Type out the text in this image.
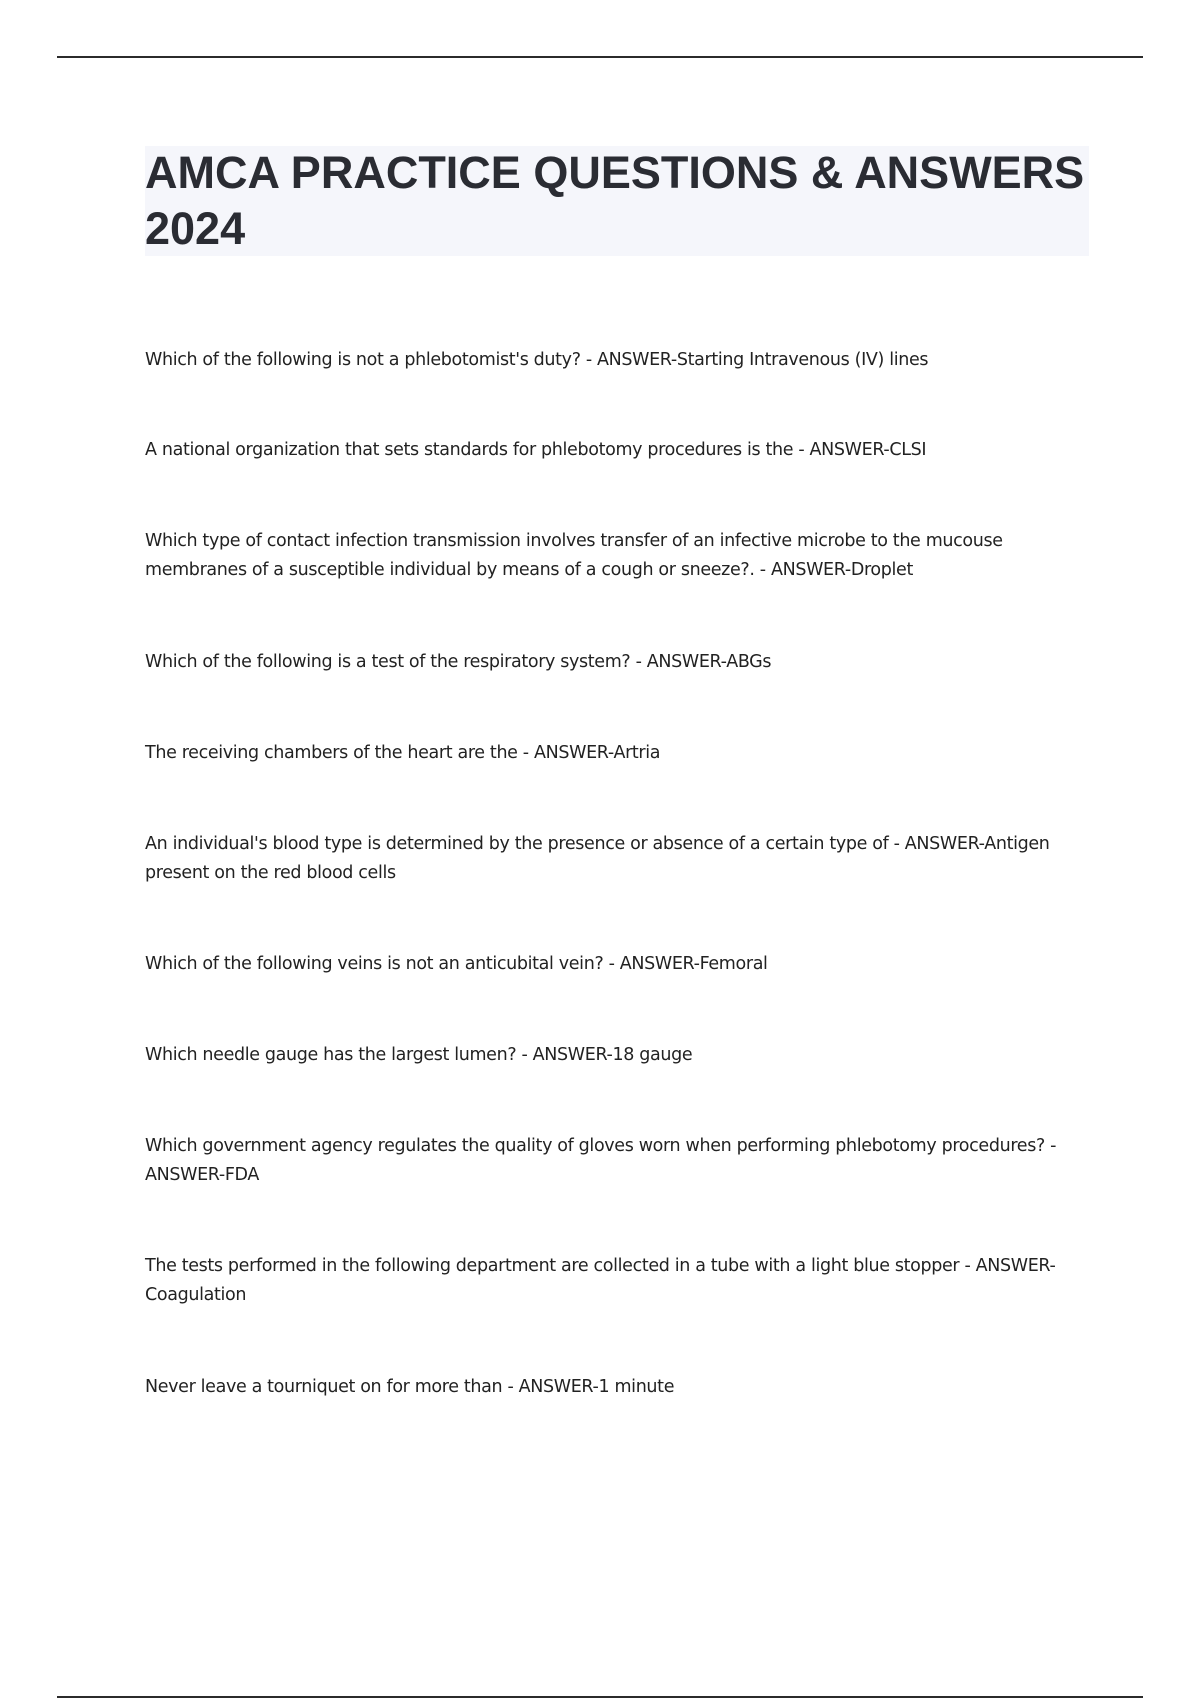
AMCA PRACTICE QUESTIONS & ANSWERS 2024
Which of the following is not a phlebotomist's duty? - ANSWER-Starting Intravenous (IV) lines
A national organization that sets standards for phlebotomy procedures is the - ANSWER-CLSI
Which type of contact infection transmission involves transfer of an infective microbe to the mucouse membranes of a susceptible individual by means of a cough or sneeze?. - ANSWER-Droplet
Which of the following is a test of the respiratory system? - ANSWER-ABGs
The receiving chambers of the heart are the - ANSWER-Artria
An individual's blood type is determined by the presence or absence of a certain type of - ANSWER-Antigen present on the red blood cells
Which of the following veins is not an anticubital vein? - ANSWER-Femoral
Which needle gauge has the largest lumen? - ANSWER-18 gauge
Which government agency regulates the quality of gloves worn when performing phlebotomy procedures? - ANSWER-FDA
The tests performed in the following department are collected in a tube with a light blue stopper - ANSWER-Coagulation
Never leave a tourniquet on for more than - ANSWER-1 minute
